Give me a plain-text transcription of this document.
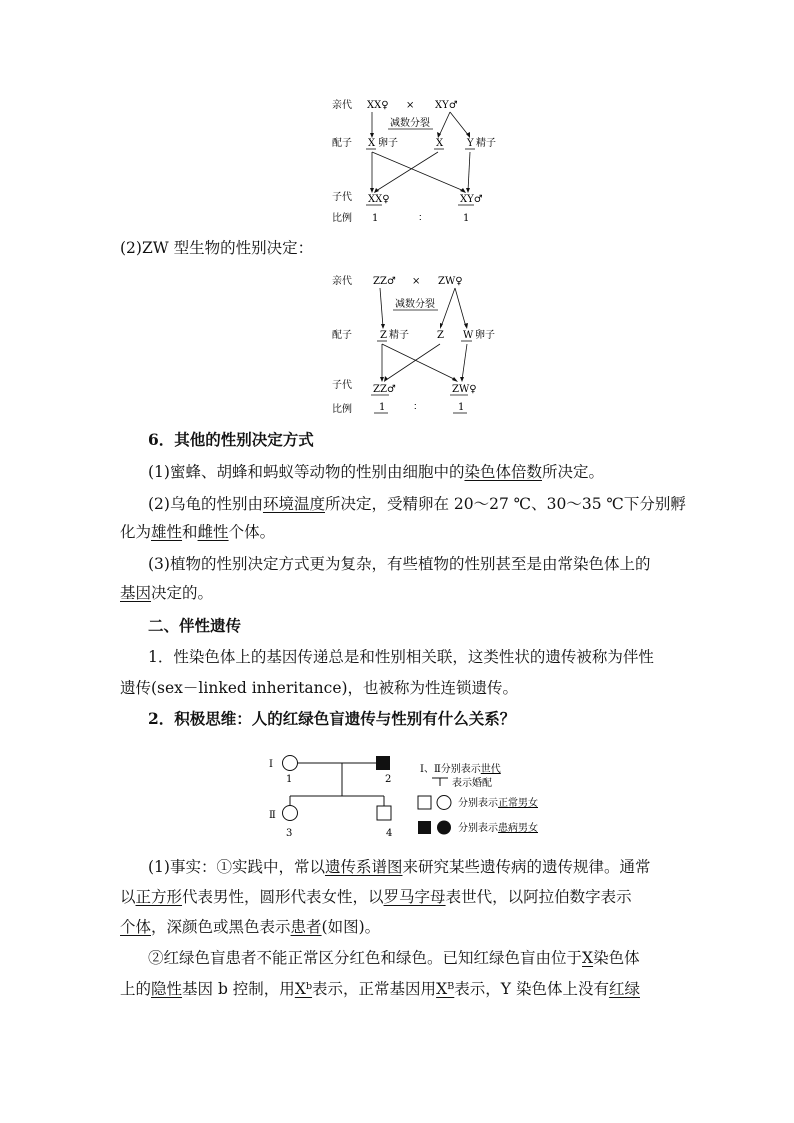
亲代 XX♀ × XY♂
减数分裂
配子 X 卵子	X Y 精子
子代 XX♀	XY♂
比例 1	∶	1
(2)ZW 型生物的性别决定：
亲代 ZZ♂ × ZW♀
减数分裂
配子	Z 精子	Z W 卵子
子代 ZZ♂	ZW♀
比例	1	∶	1
6．其他的性别决定方式
(1)蜜蜂、胡蜂和蚂蚁等动物的性别由细胞中的染色体倍数所决定。
(2)乌龟的性别由环境温度所决定，受精卵在 20～27 ℃、30～35 ℃下分别孵
化为雄性和雌性个体。
(3)植物的性别决定方式更为复杂，有些植物的性别甚至是由常染色体上的
基因决定的。
二、伴性遗传
1．性染色体上的基因传递总是和性别相关联，这类性状的遗传被称为伴性
遗传(sex－linked inheritance)，也被称为性连锁遗传。
2．积极思维：人的红绿色盲遗传与性别有什么关系？
Ⅰ
1	2
Ⅱ
3	4
Ⅰ、Ⅱ分别表示世代
表示婚配
分别表示正常男女
分别表示患病男女
(1)事实：①实践中，常以遗传系谱图来研究某些遗传病的遗传规律。通常
以正方形代表男性，圆形代表女性，以罗马字母表世代，以阿拉伯数字表示
个体，深颜色或黑色表示患者(如图)。
②红绿色盲患者不能正常区分红色和绿色。已知红绿色盲由位于X染色体
上的隐性基因 b 控制，用Xᵇ表示，正常基因用Xᴮ表示，Y 染色体上没有红绿
